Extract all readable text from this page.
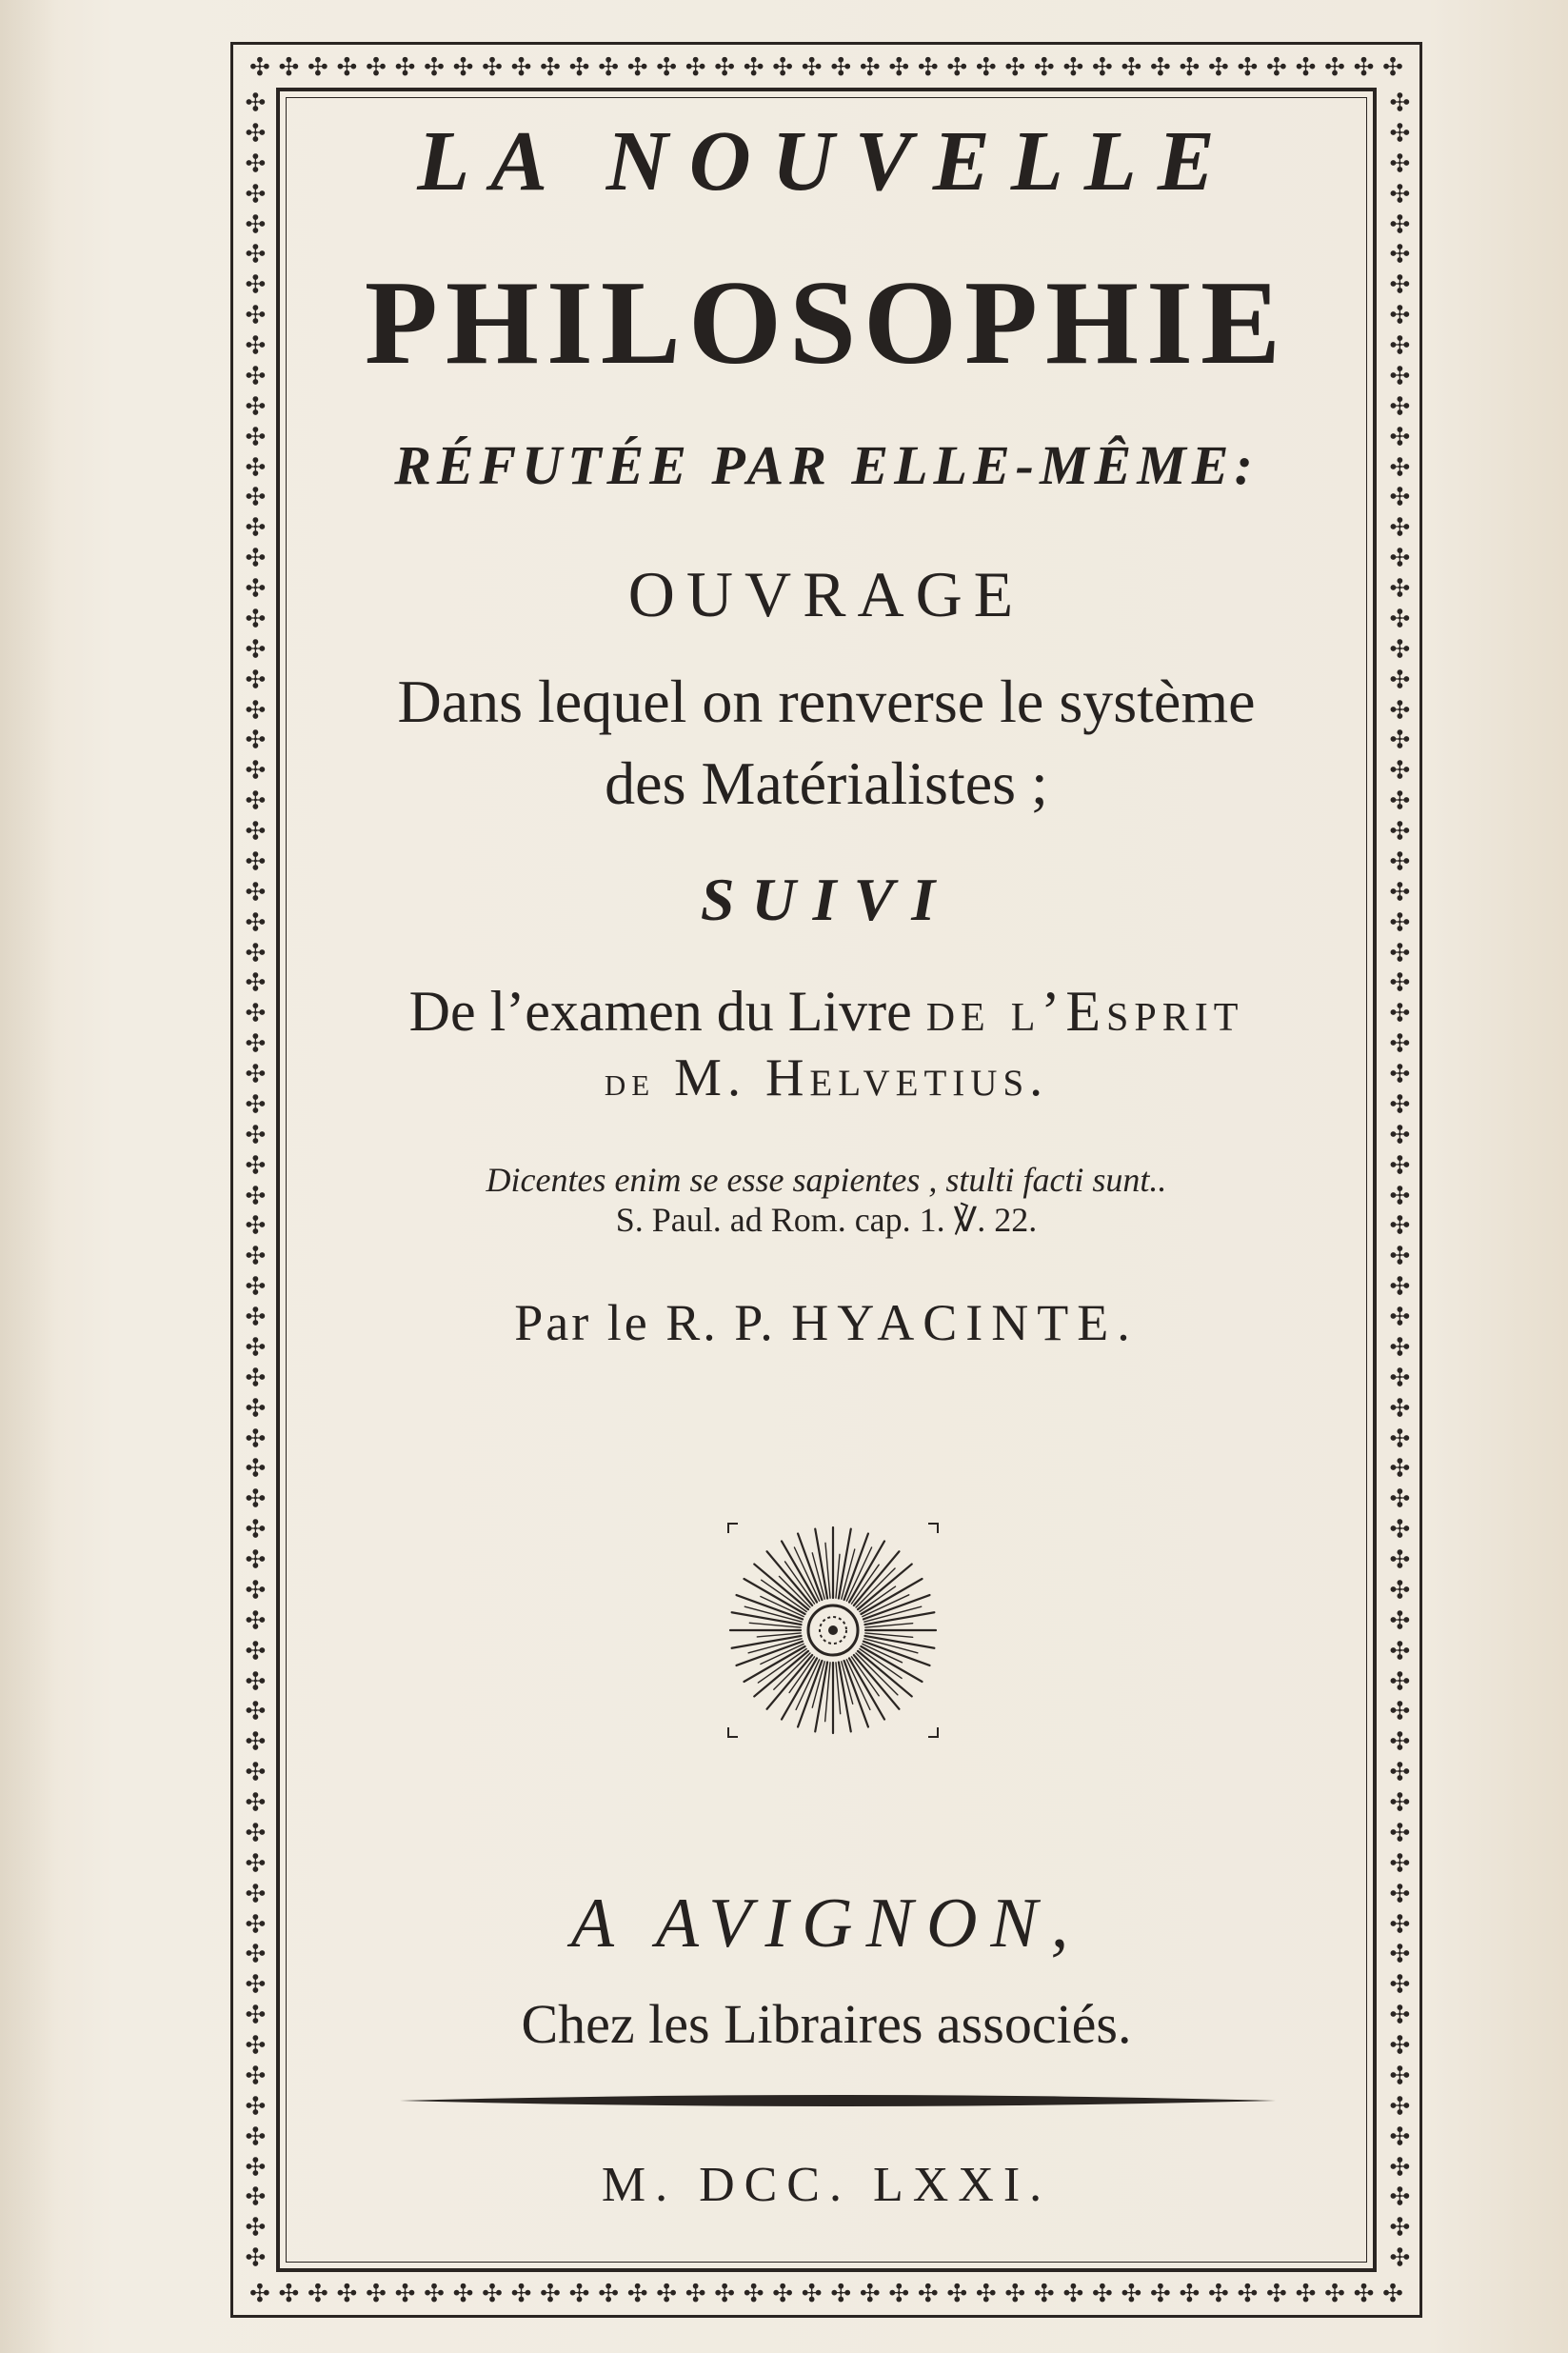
✣ ✣ ✣ ✣ ✣ ✣ ✣ ✣ ✣ ✣ ✣ ✣ ✣ ✣ ✣ ✣ ✣ ✣ ✣ ✣ ✣ ✣ ✣ ✣ ✣ ✣ ✣ ✣ ✣ ✣ ✣ ✣ ✣ ✣ ✣ ✣ ✣ ✣ ✣ ✣
✣ ✣ ✣ ✣ ✣ ✣ ✣ ✣ ✣ ✣ ✣ ✣ ✣ ✣ ✣ ✣ ✣ ✣ ✣ ✣ ✣ ✣ ✣ ✣ ✣ ✣ ✣ ✣ ✣ ✣ ✣ ✣ ✣ ✣ ✣ ✣ ✣ ✣ ✣ ✣
✣
✣
✣
✣
✣
✣
✣
✣
✣
✣
✣
✣
✣
✣
✣
✣
✣
✣
✣
✣
✣
✣
✣
✣
✣
✣
✣
✣
✣
✣
✣
✣
✣
✣
✣
✣
✣
✣
✣
✣
✣
✣
✣
✣
✣
✣
✣
✣
✣
✣
✣
✣
✣
✣
✣
✣
✣
✣
✣
✣
✣
✣
✣
✣
✣
✣
✣
✣
✣
✣
✣
✣
✣
✣
✣
✣
✣
✣
✣
✣
✣
✣
✣
✣
✣
✣
✣
✣
✣
✣
✣
✣
✣
✣
✣
✣
✣
✣
✣
✣
✣
✣
✣
✣
✣
✣
✣
✣
✣
✣
✣
✣
✣
✣
✣
✣
✣
✣
✣
✣
✣
✣
✣
✣
✣
✣
✣
✣
✣
✣
✣
✣
✣
✣
✣
✣
✣
✣
✣
✣
✣
✣
✣
✣
LA NOUVELLE
PHILOSOPHIE
RÉFUTÉE PAR ELLE-MÊME:
OUVRAGE
Dans lequel on renverse le système
des Matérialistes ;
SUIVI
De l’examen du Livre de l’Esprit
de M. Helvetius.
Dicentes enim se esse sapientes , stulti facti sunt..
S. Paul. ad Rom. cap. 1. ℣. 22.
Par le R. P. HYACINTE.
A AVIGNON,
Chez les Libraires associés.
M. DCC. LXXI.
